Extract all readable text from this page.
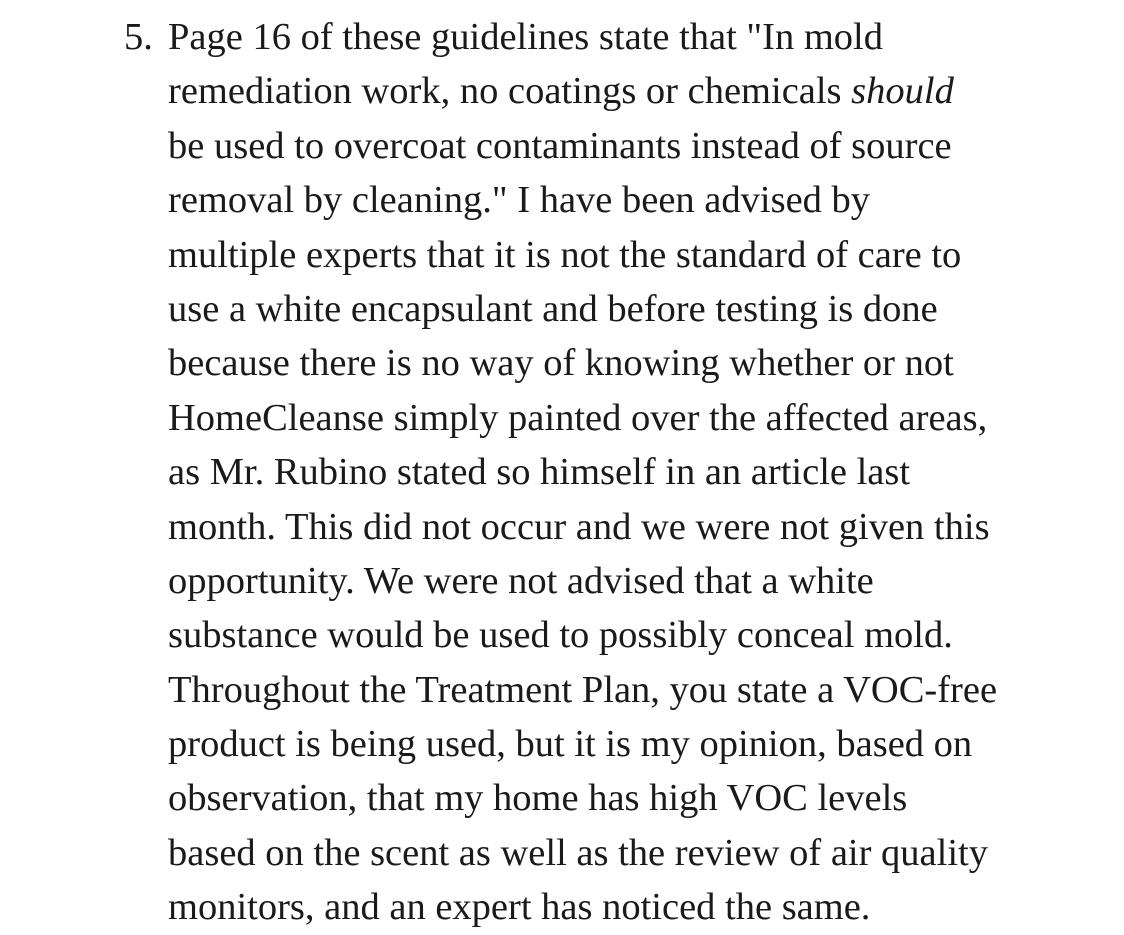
5. Page 16 of these guidelines state that "In mold
remediation work, no coatings or chemicals should
be used to overcoat contaminants instead of source
removal by cleaning." I have been advised by
multiple experts that it is not the standard of care to
use a white encapsulant and before testing is done
because there is no way of knowing whether or not
HomeCleanse simply painted over the affected areas,
as Mr. Rubino stated so himself in an article last
month. This did not occur and we were not given this
opportunity. We were not advised that a white
substance would be used to possibly conceal mold.
Throughout the Treatment Plan, you state a VOC-free
product is being used, but it is my opinion, based on
observation, that my home has high VOC levels
based on the scent as well as the review of air quality
monitors, and an expert has noticed the same.
